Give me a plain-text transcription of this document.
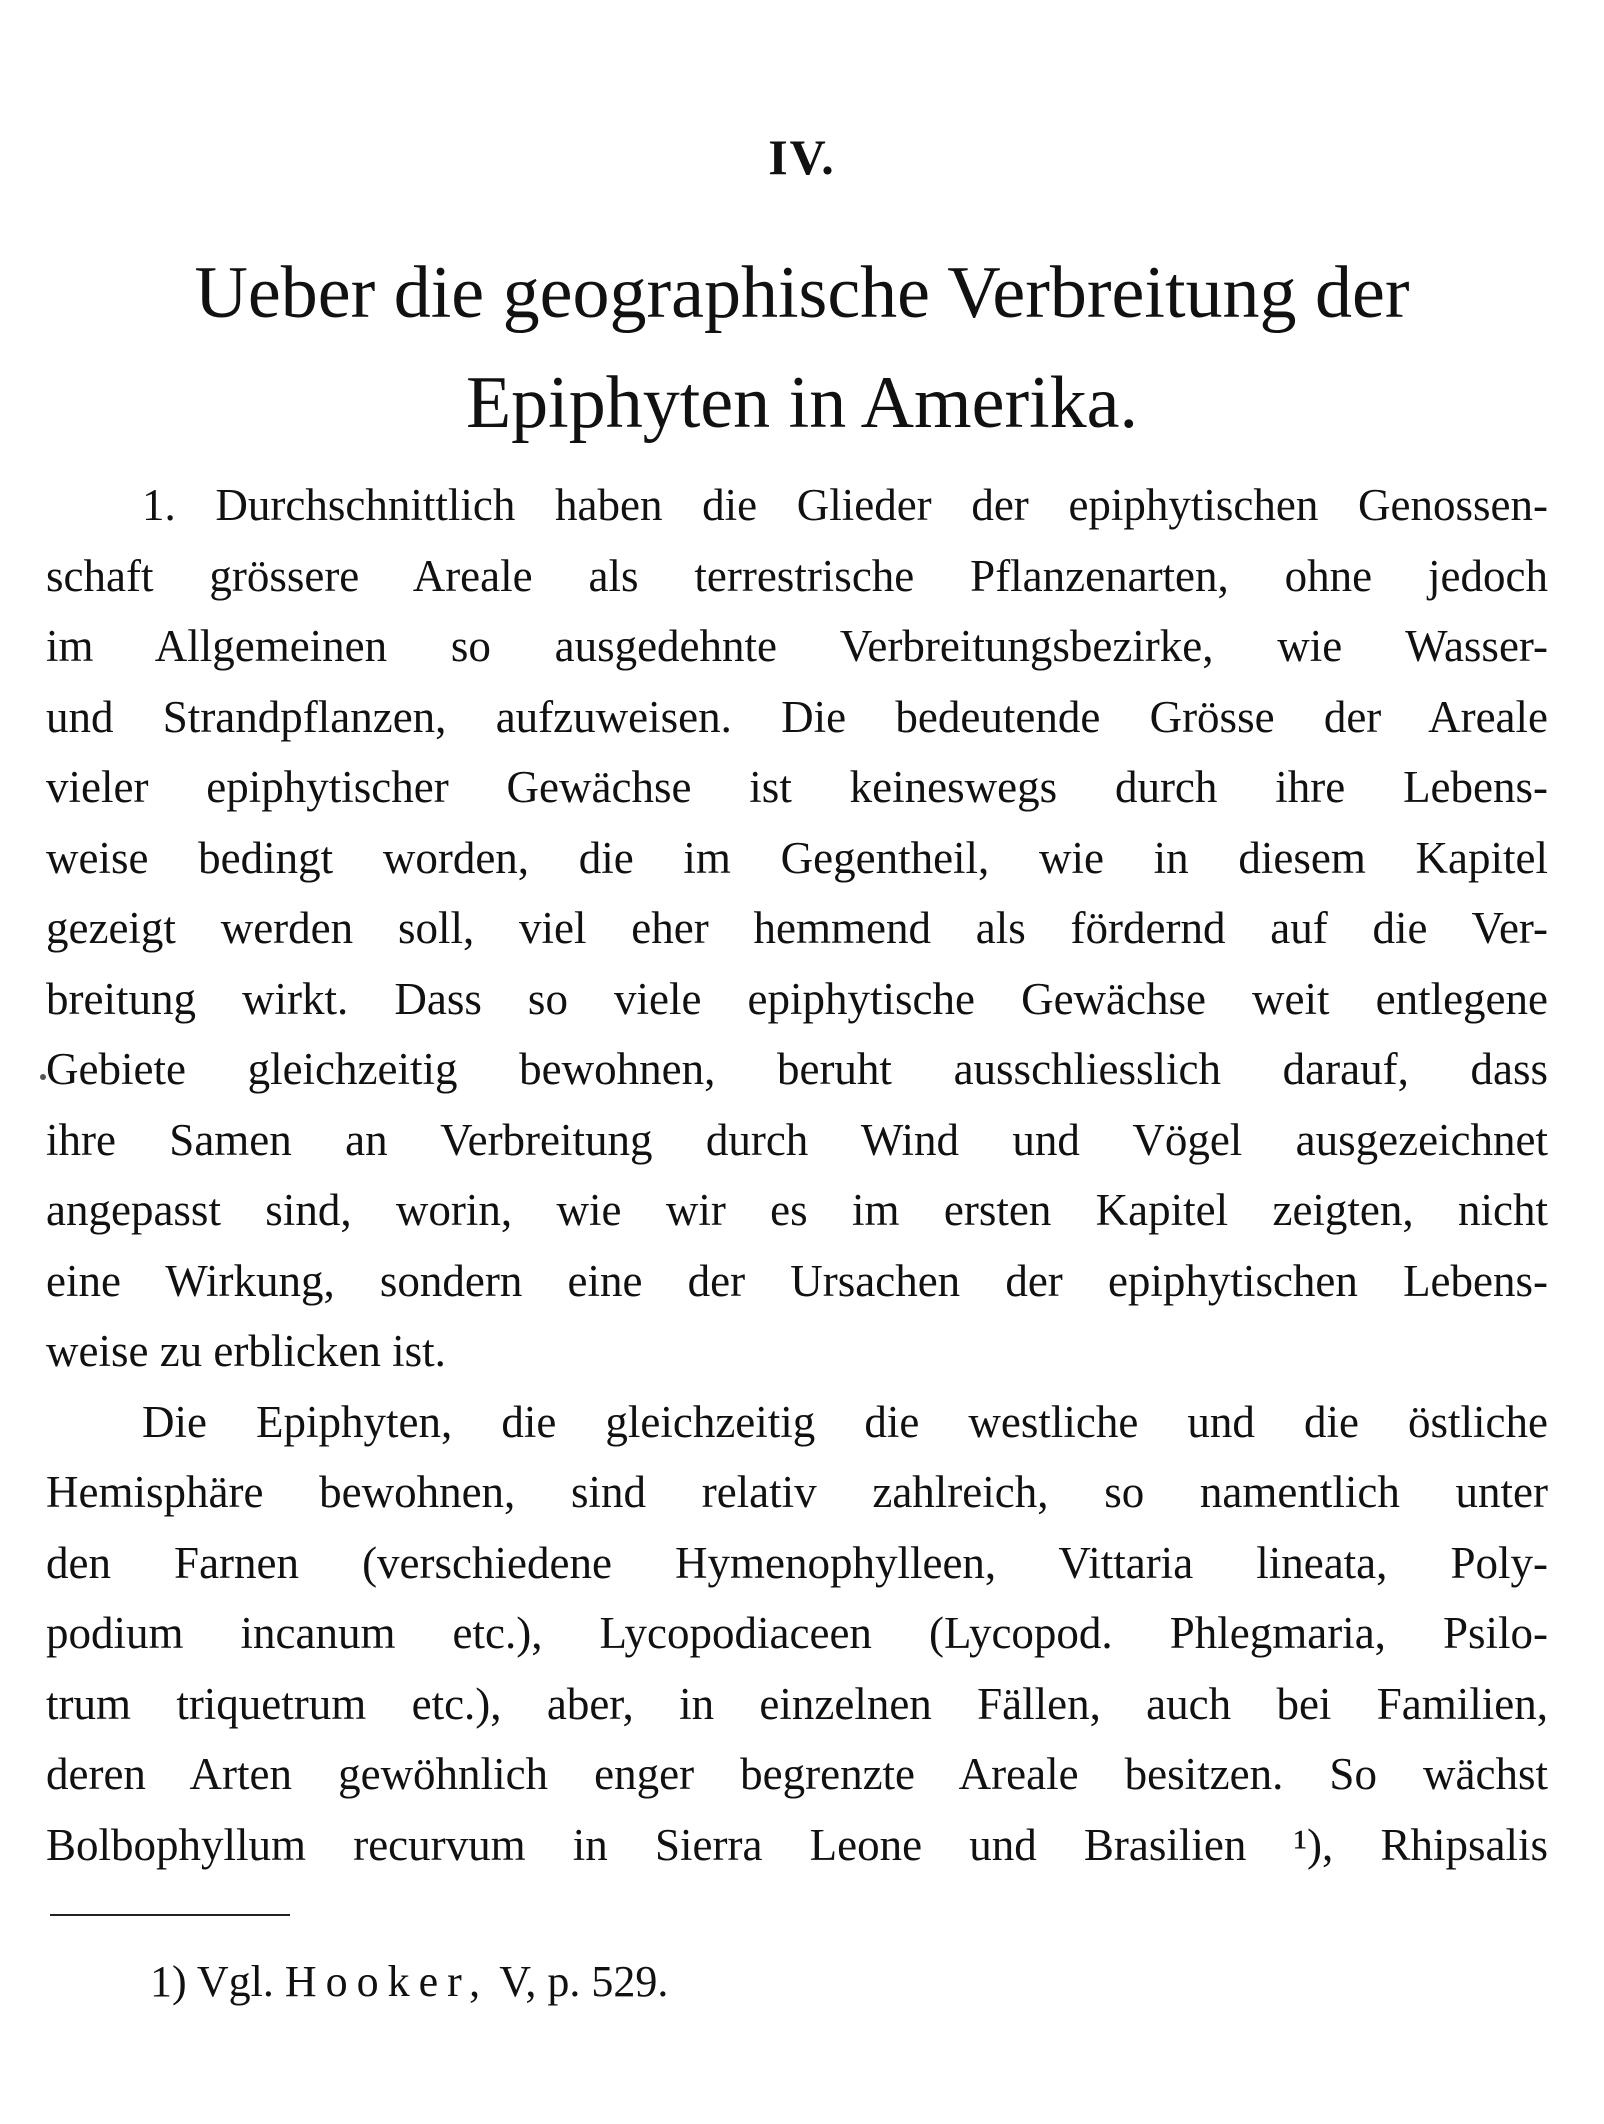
IV.
Ueber die geographische Verbreitung der
Epiphyten in Amerika.
1. Durchschnittlich haben die Glieder der epiphytischen Genossen-
schaft grössere Areale als terrestrische Pflanzenarten, ohne jedoch
im Allgemeinen so ausgedehnte Verbreitungsbezirke, wie Wasser-
und Strandpflanzen, aufzuweisen. Die bedeutende Grösse der Areale
vieler epiphytischer Gewächse ist keineswegs durch ihre Lebens-
weise bedingt worden, die im Gegentheil, wie in diesem Kapitel
gezeigt werden soll, viel eher hemmend als fördernd auf die Ver-
breitung wirkt. Dass so viele epiphytische Gewächse weit entlegene
Gebiete gleichzeitig bewohnen, beruht ausschliesslich darauf, dass
ihre Samen an Verbreitung durch Wind und Vögel ausgezeichnet
angepasst sind, worin, wie wir es im ersten Kapitel zeigten, nicht
eine Wirkung, sondern eine der Ursachen der epiphytischen Lebens-
weise zu erblicken ist.
Die Epiphyten, die gleichzeitig die westliche und die östliche
Hemisphäre bewohnen, sind relativ zahlreich, so namentlich unter
den Farnen (verschiedene Hymenophylleen, Vittaria lineata, Poly-
podium incanum etc.), Lycopodiaceen (Lycopod. Phlegmaria, Psilo-
trum triquetrum etc.), aber, in einzelnen Fällen, auch bei Familien,
deren Arten gewöhnlich enger begrenzte Areale besitzen. So wächst
Bolbophyllum recurvum in Sierra Leone und Brasilien ¹), Rhipsalis
1) Vgl. Hooker, V, p. 529.
